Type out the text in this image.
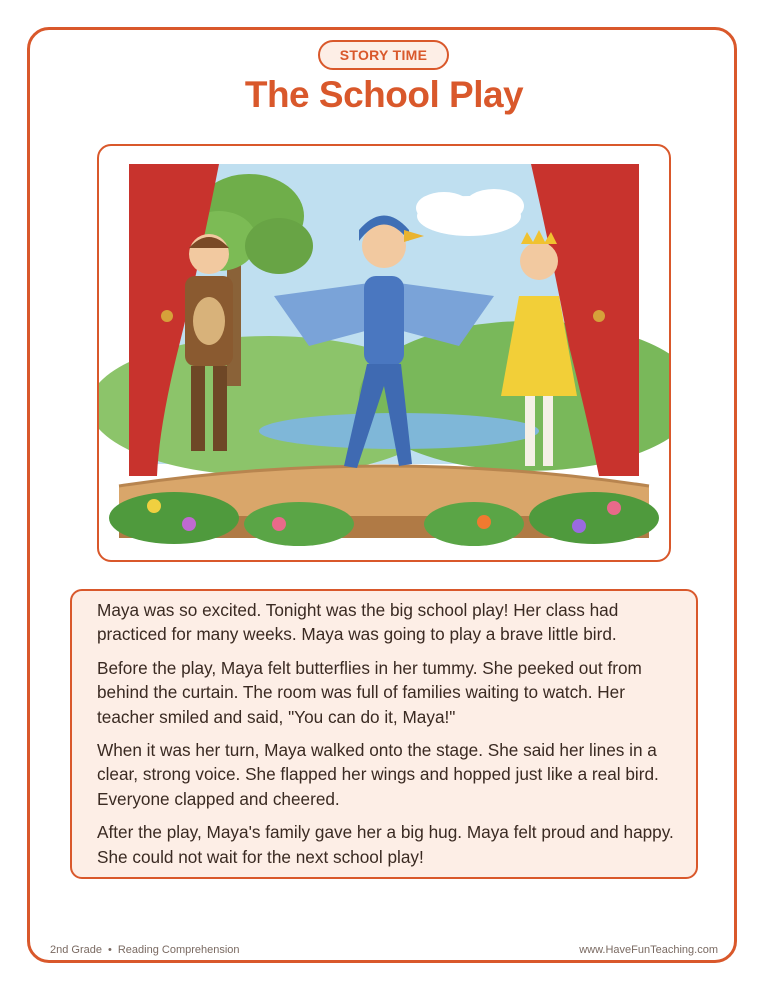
STORY TIME
The School Play

Maya was so excited. Tonight was the big school play! Her class had practiced for many weeks. Maya was going to play a brave little bird.

Before the play, Maya felt butterflies in her tummy. She peeked out from behind the curtain. The room was full of families waiting to watch. Her teacher smiled and said, "You can do it, Maya!"

When it was her turn, Maya walked onto the stage. She said her lines in a clear, strong voice. She flapped her wings and hopped just like a real bird. Everyone clapped and cheered.

After the play, Maya's family gave her a big hug. Maya felt proud and happy. She could not wait for the next school play!

2nd Grade • Reading Comprehension	www.HaveFunTeaching.com
